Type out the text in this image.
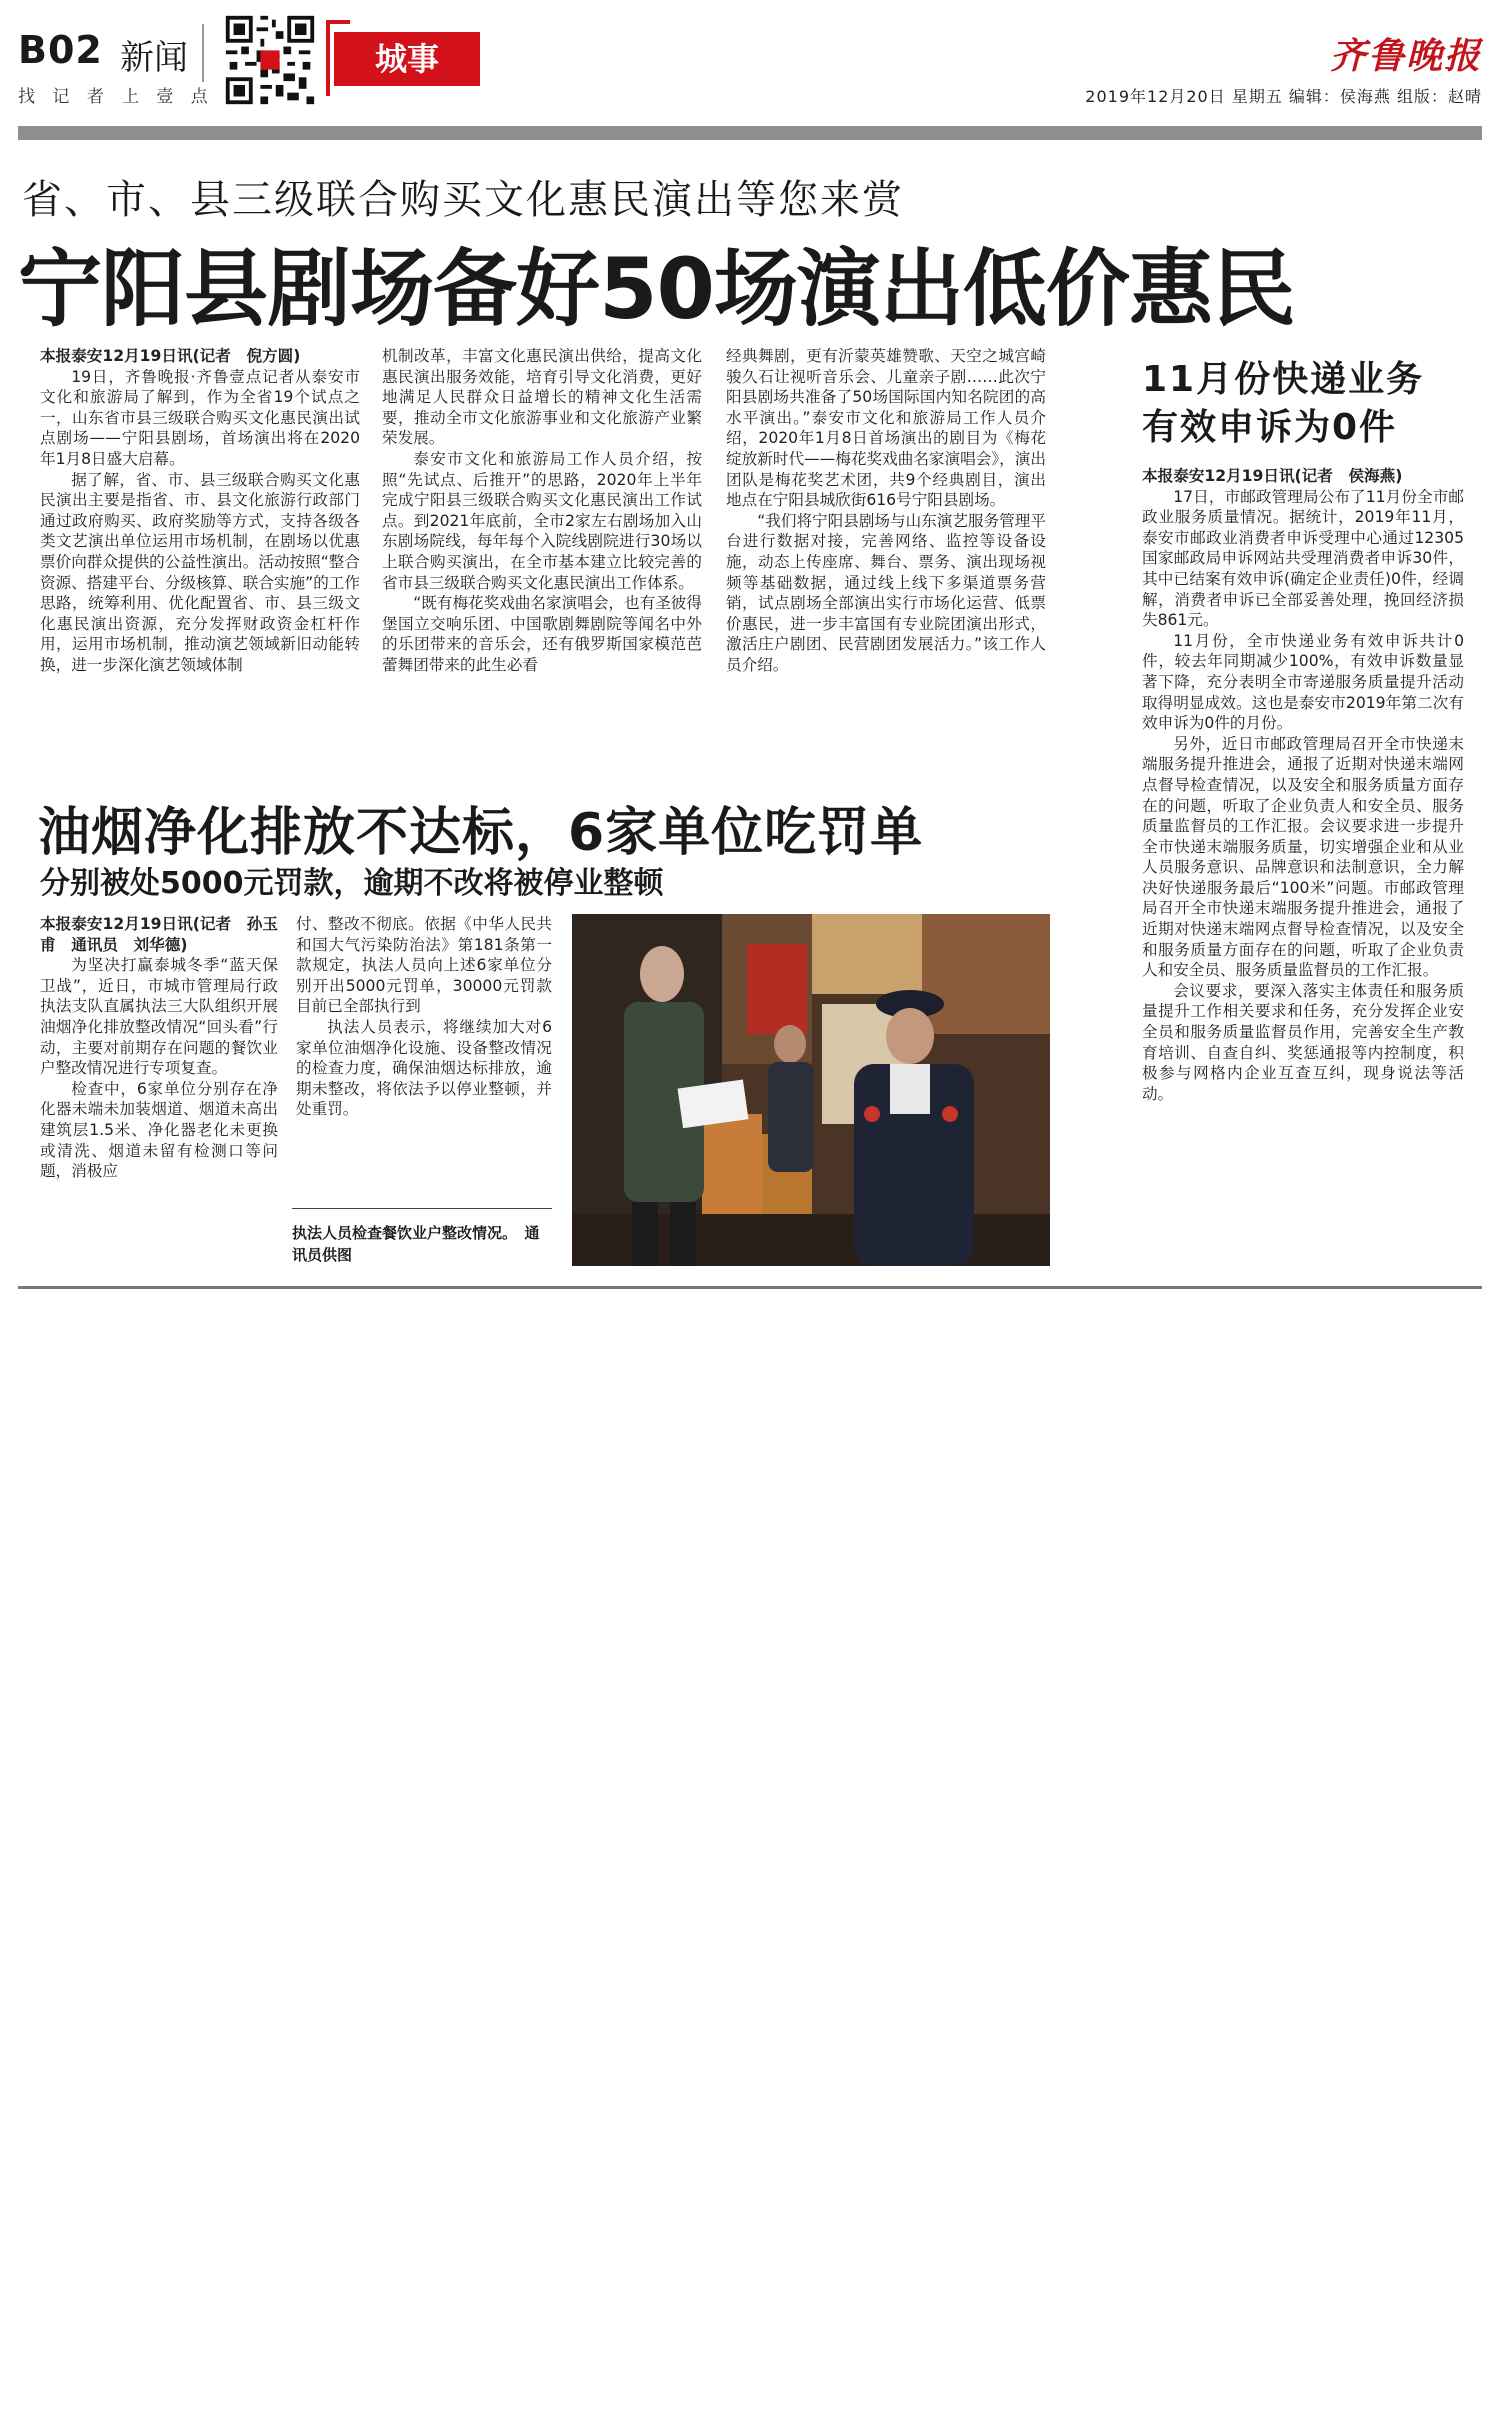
B02 新闻
找 记 者 上 壹 点
城事	齐鲁晚报
2019年12月20日 星期五 编辑：侯海燕 组版：赵晴
省、市、县三级联合购买文化惠民演出等您来赏
宁阳县剧场备好50场演出低价惠民

本报泰安12月19日讯(记者　倪方圆)

19日，齐鲁晚报·齐鲁壹点记者从泰安市文化和旅游局了解到，作为全省19个试点之一，山东省市县三级联合购买文化惠民演出试点剧场——宁阳县剧场，首场演出将在2020年1月8日盛大启幕。

据了解，省、市、县三级联合购买文化惠民演出主要是指省、市、县文化旅游行政部门通过政府购买、政府奖励等方式，支持各级各类文艺演出单位运用市场机制，在剧场以优惠票价向群众提供的公益性演出。活动按照“整合资源、搭建平台、分级核算、联合实施”的工作思路，统筹利用、优化配置省、市、县三级文化惠民演出资源，充分发挥财政资金杠杆作用，运用市场机制，推动演艺领域新旧动能转换，进一步深化演艺领域体制

机制改革，丰富文化惠民演出供给，提高文化惠民演出服务效能，培育引导文化消费，更好地满足人民群众日益增长的精神文化生活需要，推动全市文化旅游事业和文化旅游产业繁荣发展。

泰安市文化和旅游局工作人员介绍，按照“先试点、后推开”的思路，2020年上半年完成宁阳县三级联合购买文化惠民演出工作试点。到2021年底前，全市2家左右剧场加入山东剧场院线，每年每个入院线剧院进行30场以上联合购买演出，在全市基本建立比较完善的省市县三级联合购买文化惠民演出工作体系。

“既有梅花奖戏曲名家演唱会，也有圣彼得堡国立交响乐团、中国歌剧舞剧院等闻名中外的乐团带来的音乐会，还有俄罗斯国家模范芭蕾舞团带来的此生必看

经典舞剧，更有沂蒙英雄赞歌、天空之城宫崎骏久石让视听音乐会、儿童亲子剧……此次宁阳县剧场共准备了50场国际国内知名院团的高水平演出。”泰安市文化和旅游局工作人员介绍，2020年1月8日首场演出的剧目为《梅花绽放新时代——梅花奖戏曲名家演唱会》，演出团队是梅花奖艺术团，共9个经典剧目，演出地点在宁阳县城欣街616号宁阳县剧场。

“我们将宁阳县剧场与山东演艺服务管理平台进行数据对接，完善网络、监控等设备设施，动态上传座席、舞台、票务、演出现场视频等基础数据，通过线上线下多渠道票务营销，试点剧场全部演出实行市场化运营、低票价惠民，进一步丰富国有专业院团演出形式，激活庄户剧团、民营剧团发展活力。”该工作人员介绍。

11月份快递业务
有效申诉为0件

本报泰安12月19日讯(记者　侯海燕)

17日，市邮政管理局公布了11月份全市邮政业服务质量情况。据统计，2019年11月，泰安市邮政业消费者申诉受理中心通过12305国家邮政局申诉网站共受理消费者申诉30件，其中已结案有效申诉(确定企业责任)0件，经调解，消费者申诉已全部妥善处理，挽回经济损失861元。

11月份，全市快递业务有效申诉共计0件，较去年同期减少100%，有效申诉数量显著下降，充分表明全市寄递服务质量提升活动取得明显成效。这也是泰安市2019年第二次有效申诉为0件的月份。

另外，近日市邮政管理局召开全市快递末端服务提升推进会，通报了近期对快递末端网点督导检查情况，以及安全和服务质量方面存在的问题，听取了企业负责人和安全员、服务质量监督员的工作汇报。会议要求进一步提升全市快递末端服务质量，切实增强企业和从业人员服务意识、品牌意识和法制意识，全力解决好快递服务最后“100米”问题。市邮政管理局召开全市快递末端服务提升推进会，通报了近期对快递末端网点督导检查情况，以及安全和服务质量方面存在的问题，听取了企业负责人和安全员、服务质量监督员的工作汇报。

会议要求，要深入落实主体责任和服务质量提升工作相关要求和任务，充分发挥企业安全员和服务质量监督员作用，完善安全生产教育培训、自查自纠、奖惩通报等内控制度，积极参与网格内企业互查互纠，现身说法等活动。

油烟净化排放不达标，6家单位吃罚单
分别被处5000元罚款，逾期不改将被停业整顿

本报泰安12月19日讯(记者　孙玉甫　通讯员　刘华德)

为坚决打赢泰城冬季“蓝天保卫战”，近日，市城市管理局行政执法支队直属执法三大队组织开展油烟净化排放整改情况“回头看”行动，主要对前期存在问题的餐饮业户整改情况进行专项复查。

检查中，6家单位分别存在净化器未端未加装烟道、烟道未高出建筑层1.5米、净化器老化未更换或清洗、烟道未留有检测口等问题，消极应

付、整改不彻底。依据《中华人民共和国大气污染防治法》第181条第一款规定，执法人员向上述6家单位分别开出5000元罚单，30000元罚款目前已全部执行到

执法人员表示，将继续加大对6家单位油烟净化设施、设备整改情况的检查力度，确保油烟达标排放，逾期未整改，将依法予以停业整顿，并处重罚。

执法人员检查餐饮业户整改情况。　通讯员供图
